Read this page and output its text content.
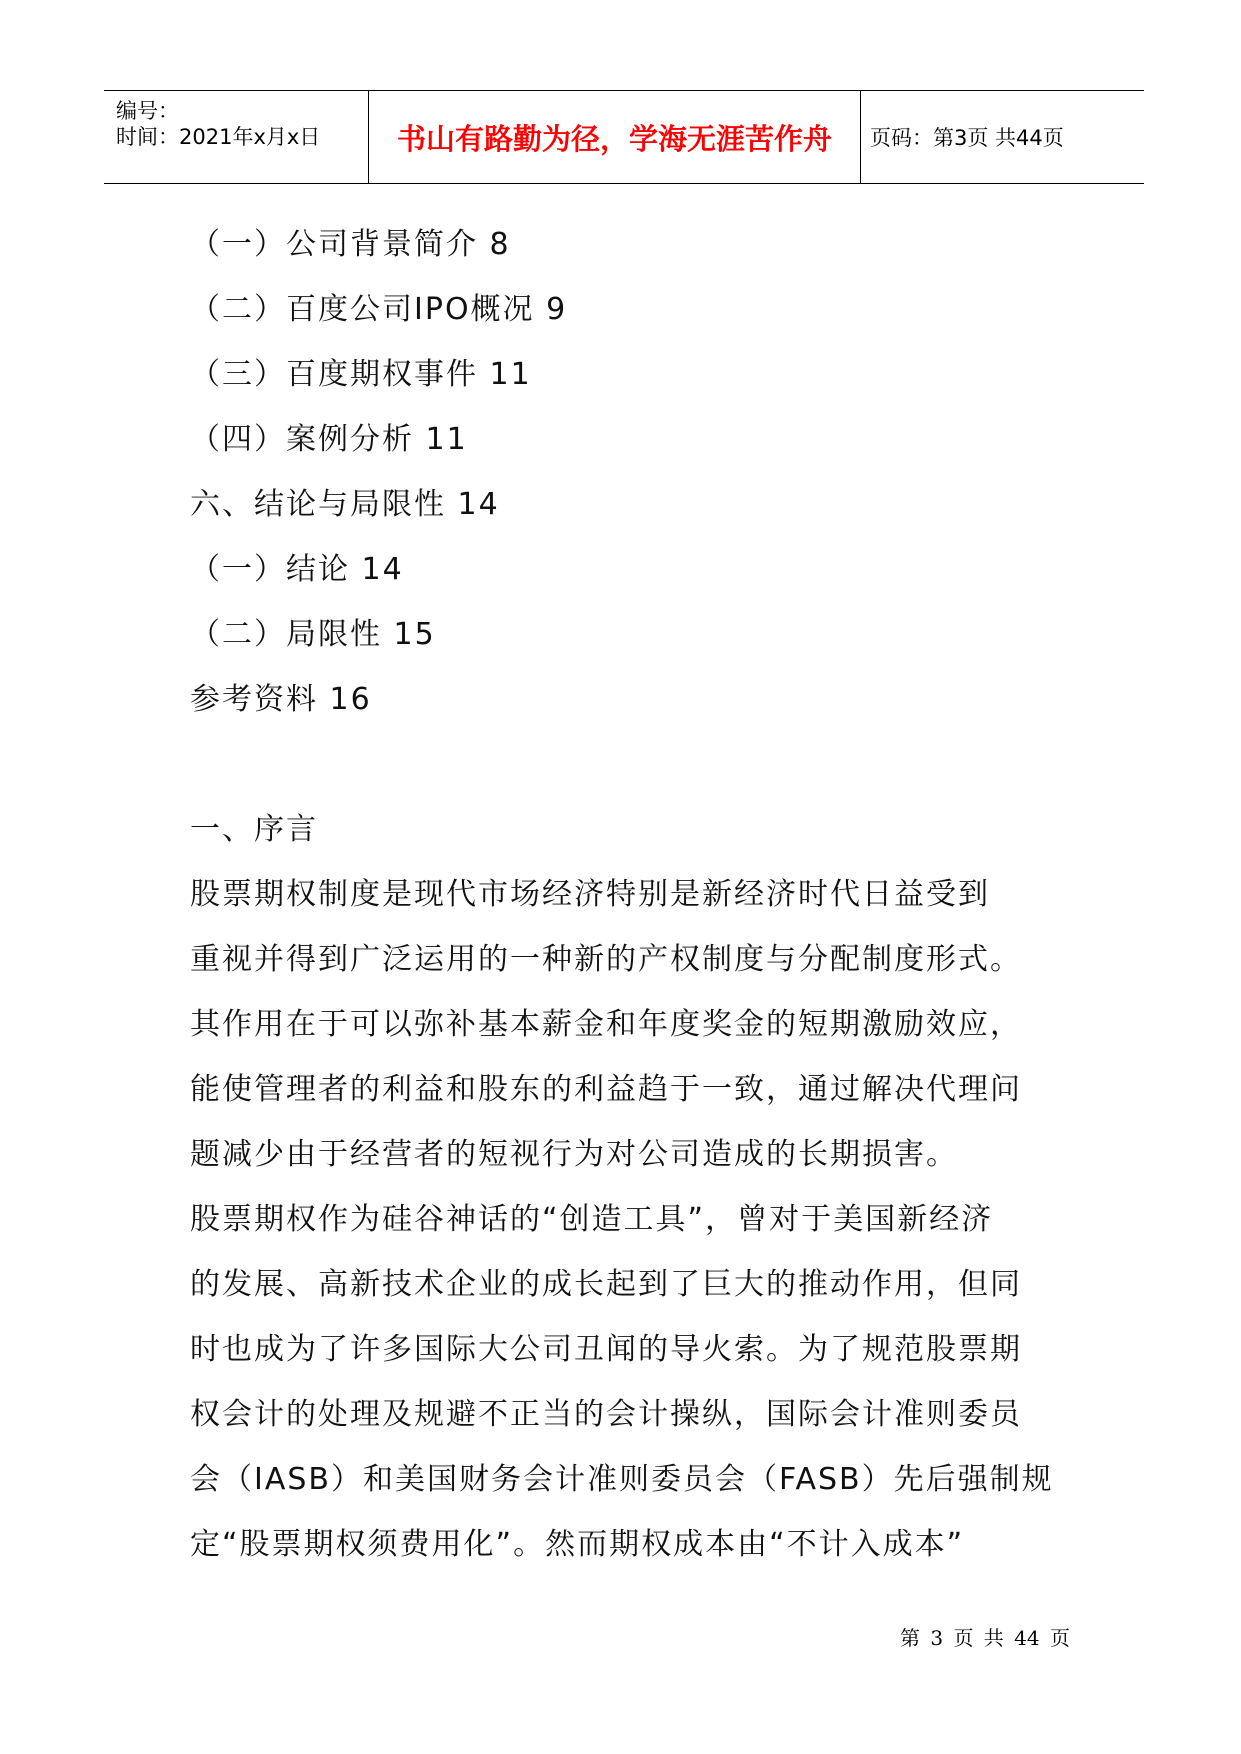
编号：
时间：2021年x月x日	书山有路勤为径，学海无涯苦作舟	页码：第3页 共44页
（一）公司背景简介 8
（二）百度公司IPO概况 9
（三）百度期权事件 11
（四）案例分析 11
六、结论与局限性 14
（一）结论 14
（二）局限性 15
参考资料 16
一、序言
股票期权制度是现代市场经济特别是新经济时代日益受到
重视并得到广泛运用的一种新的产权制度与分配制度形式。
其作用在于可以弥补基本薪金和年度奖金的短期激励效应，
能使管理者的利益和股东的利益趋于一致，通过解决代理问
题减少由于经营者的短视行为对公司造成的长期损害。
股票期权作为硅谷神话的“创造工具”，曾对于美国新经济
的发展、高新技术企业的成长起到了巨大的推动作用，但同
时也成为了许多国际大公司丑闻的导火索。为了规范股票期
权会计的处理及规避不正当的会计操纵，国际会计准则委员
会（IASB）和美国财务会计准则委员会（FASB）先后强制规
定“股票期权须费用化”。然而期权成本由“不计入成本”
第 3 页 共 44 页
